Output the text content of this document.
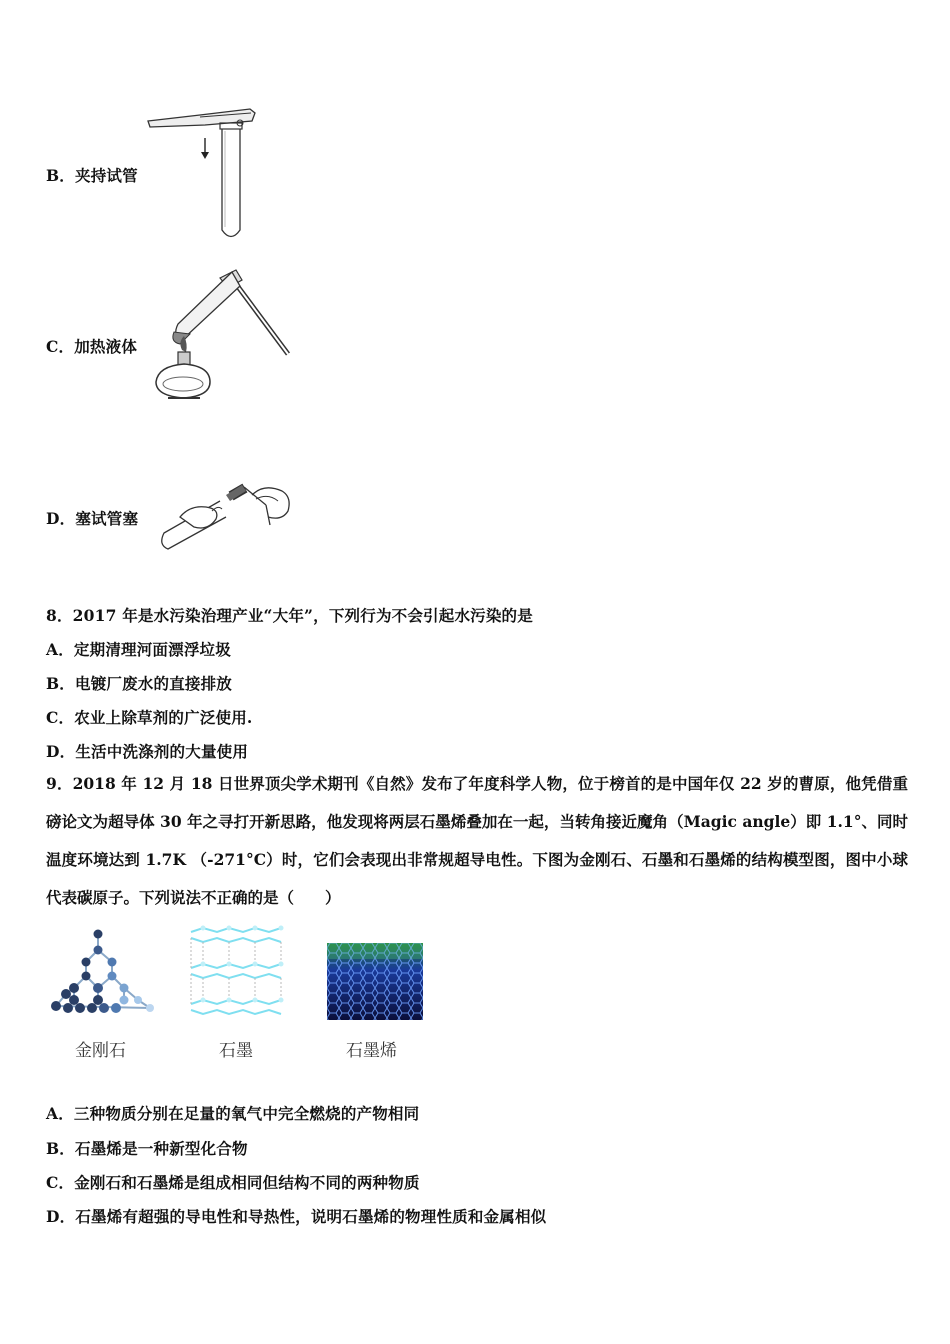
B．夹持试管
C．加热液体
D．塞试管塞
8．2017 年是水污染治理产业“大年”，下列行为不会引起水污染的是
A．定期清理河面漂浮垃圾
B．电镀厂废水的直接排放
C．农业上除草剂的广泛使用.
D．生活中洗涤剂的大量使用
9．2018 年 12 月 18 日世界顶尖学术期刊《自然》发布了年度科学人物，位于榜首的是中国年仅 22 岁的曹原，他凭借重磅论文为超导体 30 年之寻打开新思路，他发现将两层石墨烯叠加在一起，当转角接近魔角（Magic angle）即 1.1°、同时温度环境达到 1.7K （-271°C）时，它们会表现出非常规超导电性。下图为金刚石、石墨和石墨烯的结构模型图，图中小球代表碳原子。下列说法不正确的是（　　）
金刚石	石墨	石墨烯
A．三种物质分别在足量的氧气中完全燃烧的产物相同
B．石墨烯是一种新型化合物
C．金刚石和石墨烯是组成相同但结构不同的两种物质
D．石墨烯有超强的导电性和导热性，说明石墨烯的物理性质和金属相似
